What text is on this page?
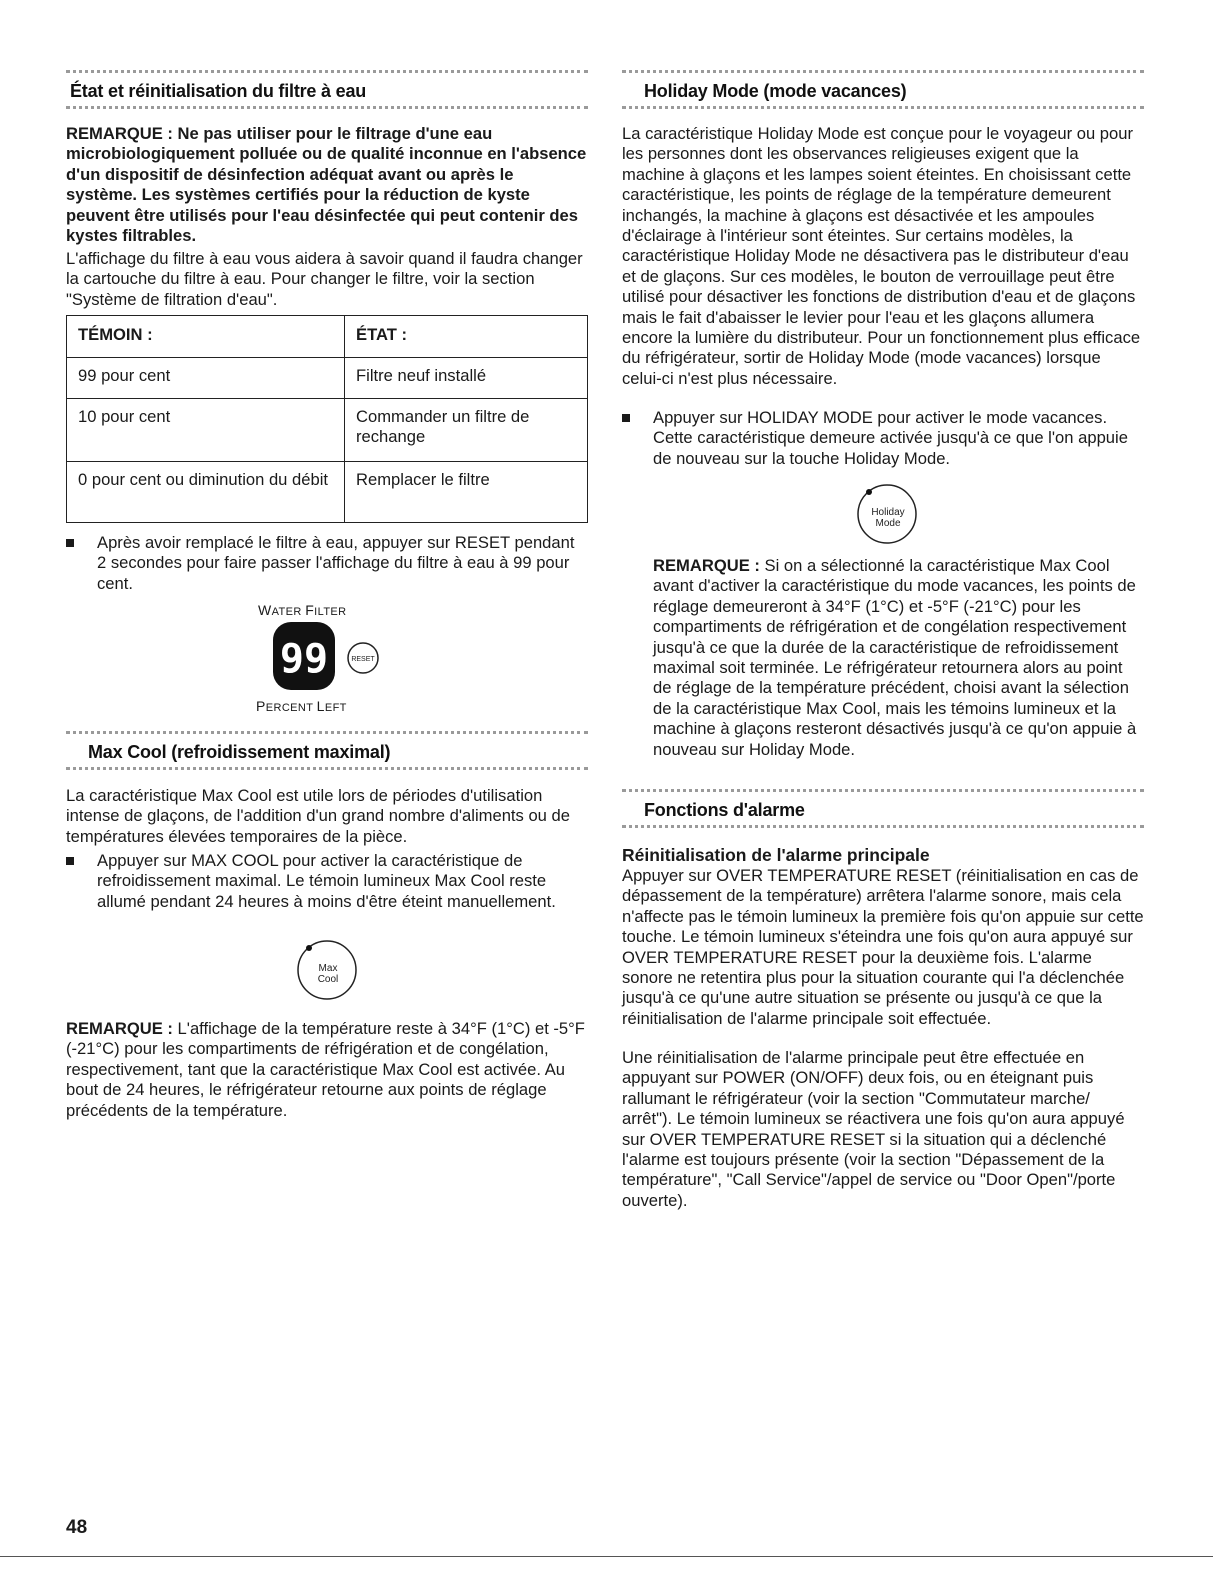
État et réinitialisation du filtre à eau

REMARQUE : Ne pas utiliser pour le filtrage d'une eau microbiologiquement polluée ou de qualité inconnue en l'absence d'un dispositif de désinfection adéquat avant ou après le système. Les systèmes certifiés pour la réduction de kyste peuvent être utilisés pour l'eau désinfectée qui peut contenir des kystes filtrables.

L'affichage du filtre à eau vous aidera à savoir quand il faudra changer la cartouche du filtre à eau. Pour changer le filtre, voir la section "Système de filtration d'eau".

TÉMOIN :	ÉTAT :
99 pour cent	Filtre neuf installé
10 pour cent	Commander un filtre de rechange
0 pour cent ou diminution du débit	Remplacer le filtre

Après avoir remplacé le filtre à eau, appuyer sur RESET pendant 2 secondes pour faire passer l'affichage du filtre à eau à 99 pour cent.

WATER FILTER
99	RESET
PERCENT LEFT
Max Cool (refroidissement maximal)

La caractéristique Max Cool est utile lors de périodes d'utilisation intense de glaçons, de l'addition d'un grand nombre d'aliments ou de températures élevées temporaires de la pièce.

Appuyer sur MAX COOL pour activer la caractéristique de refroidissement maximal. Le témoin lumineux Max Cool reste allumé pendant 24 heures à moins d'être éteint manuellement.

Max
Cool

REMARQUE : L'affichage de la température reste à 34°F (1°C) et -5°F (-21°C) pour les compartiments de réfrigération et de congélation, respectivement, tant que la caractéristique Max Cool est activée. Au bout de 24 heures, le réfrigérateur retourne aux points de réglage précédents de la température.

48
Holiday Mode (mode vacances)

La caractéristique Holiday Mode est conçue pour le voyageur ou pour les personnes dont les observances religieuses exigent que la machine à glaçons et les lampes soient éteintes. En choisissant cette caractéristique, les points de réglage de la température demeurent inchangés, la machine à glaçons est désactivée et les ampoules d'éclairage à l'intérieur sont éteintes. Sur certains modèles, la caractéristique Holiday Mode ne désactivera pas le distributeur d'eau et de glaçons. Sur ces modèles, le bouton de verrouillage peut être utilisé pour désactiver les fonctions de distribution d'eau et de glaçons mais le fait d'abaisser le levier pour l'eau et les glaçons allumera encore la lumière du distributeur. Pour un fonctionnement plus efficace du réfrigérateur, sortir de Holiday Mode (mode vacances) lorsque celui-ci n'est plus nécessaire.

Appuyer sur HOLIDAY MODE pour activer le mode vacances. Cette caractéristique demeure activée jusqu'à ce que l'on appuie de nouveau sur la touche Holiday Mode.

Holiday
Mode

REMARQUE : Si on a sélectionné la caractéristique Max Cool avant d'activer la caractéristique du mode vacances, les points de réglage demeureront à 34°F (1°C) et -5°F (-21°C) pour les compartiments de réfrigération et de congélation respectivement jusqu'à ce que la durée de la caractéristique de refroidissement maximal soit terminée. Le réfrigérateur retournera alors au point de réglage de la température précédent, choisi avant la sélection de la caractéristique Max Cool, mais les témoins lumineux et la machine à glaçons resteront désactivés jusqu'à ce qu'on appuie à nouveau sur Holiday Mode.

Fonctions d'alarme

Réinitialisation de l'alarme principale

Appuyer sur OVER TEMPERATURE RESET (réinitialisation en cas de dépassement de la température) arrêtera l'alarme sonore, mais cela n'affecte pas le témoin lumineux la première fois qu'on appuie sur cette touche. Le témoin lumineux s'éteindra une fois qu'on aura appuyé sur OVER TEMPERATURE RESET pour la deuxième fois. L'alarme sonore ne retentira plus pour la situation courante qui l'a déclenchée jusqu'à ce qu'une autre situation se présente ou jusqu'à ce que la réinitialisation de l'alarme principale soit effectuée.

Une réinitialisation de l'alarme principale peut être effectuée en appuyant sur POWER (ON/OFF) deux fois, ou en éteignant puis rallumant le réfrigérateur (voir la section "Commutateur marche/ arrêt"). Le témoin lumineux se réactivera une fois qu'on aura appuyé sur OVER TEMPERATURE RESET si la situation qui a déclenché l'alarme est toujours présente (voir la section "Dépassement de la température", "Call Service"/appel de service ou "Door Open"/porte ouverte).
